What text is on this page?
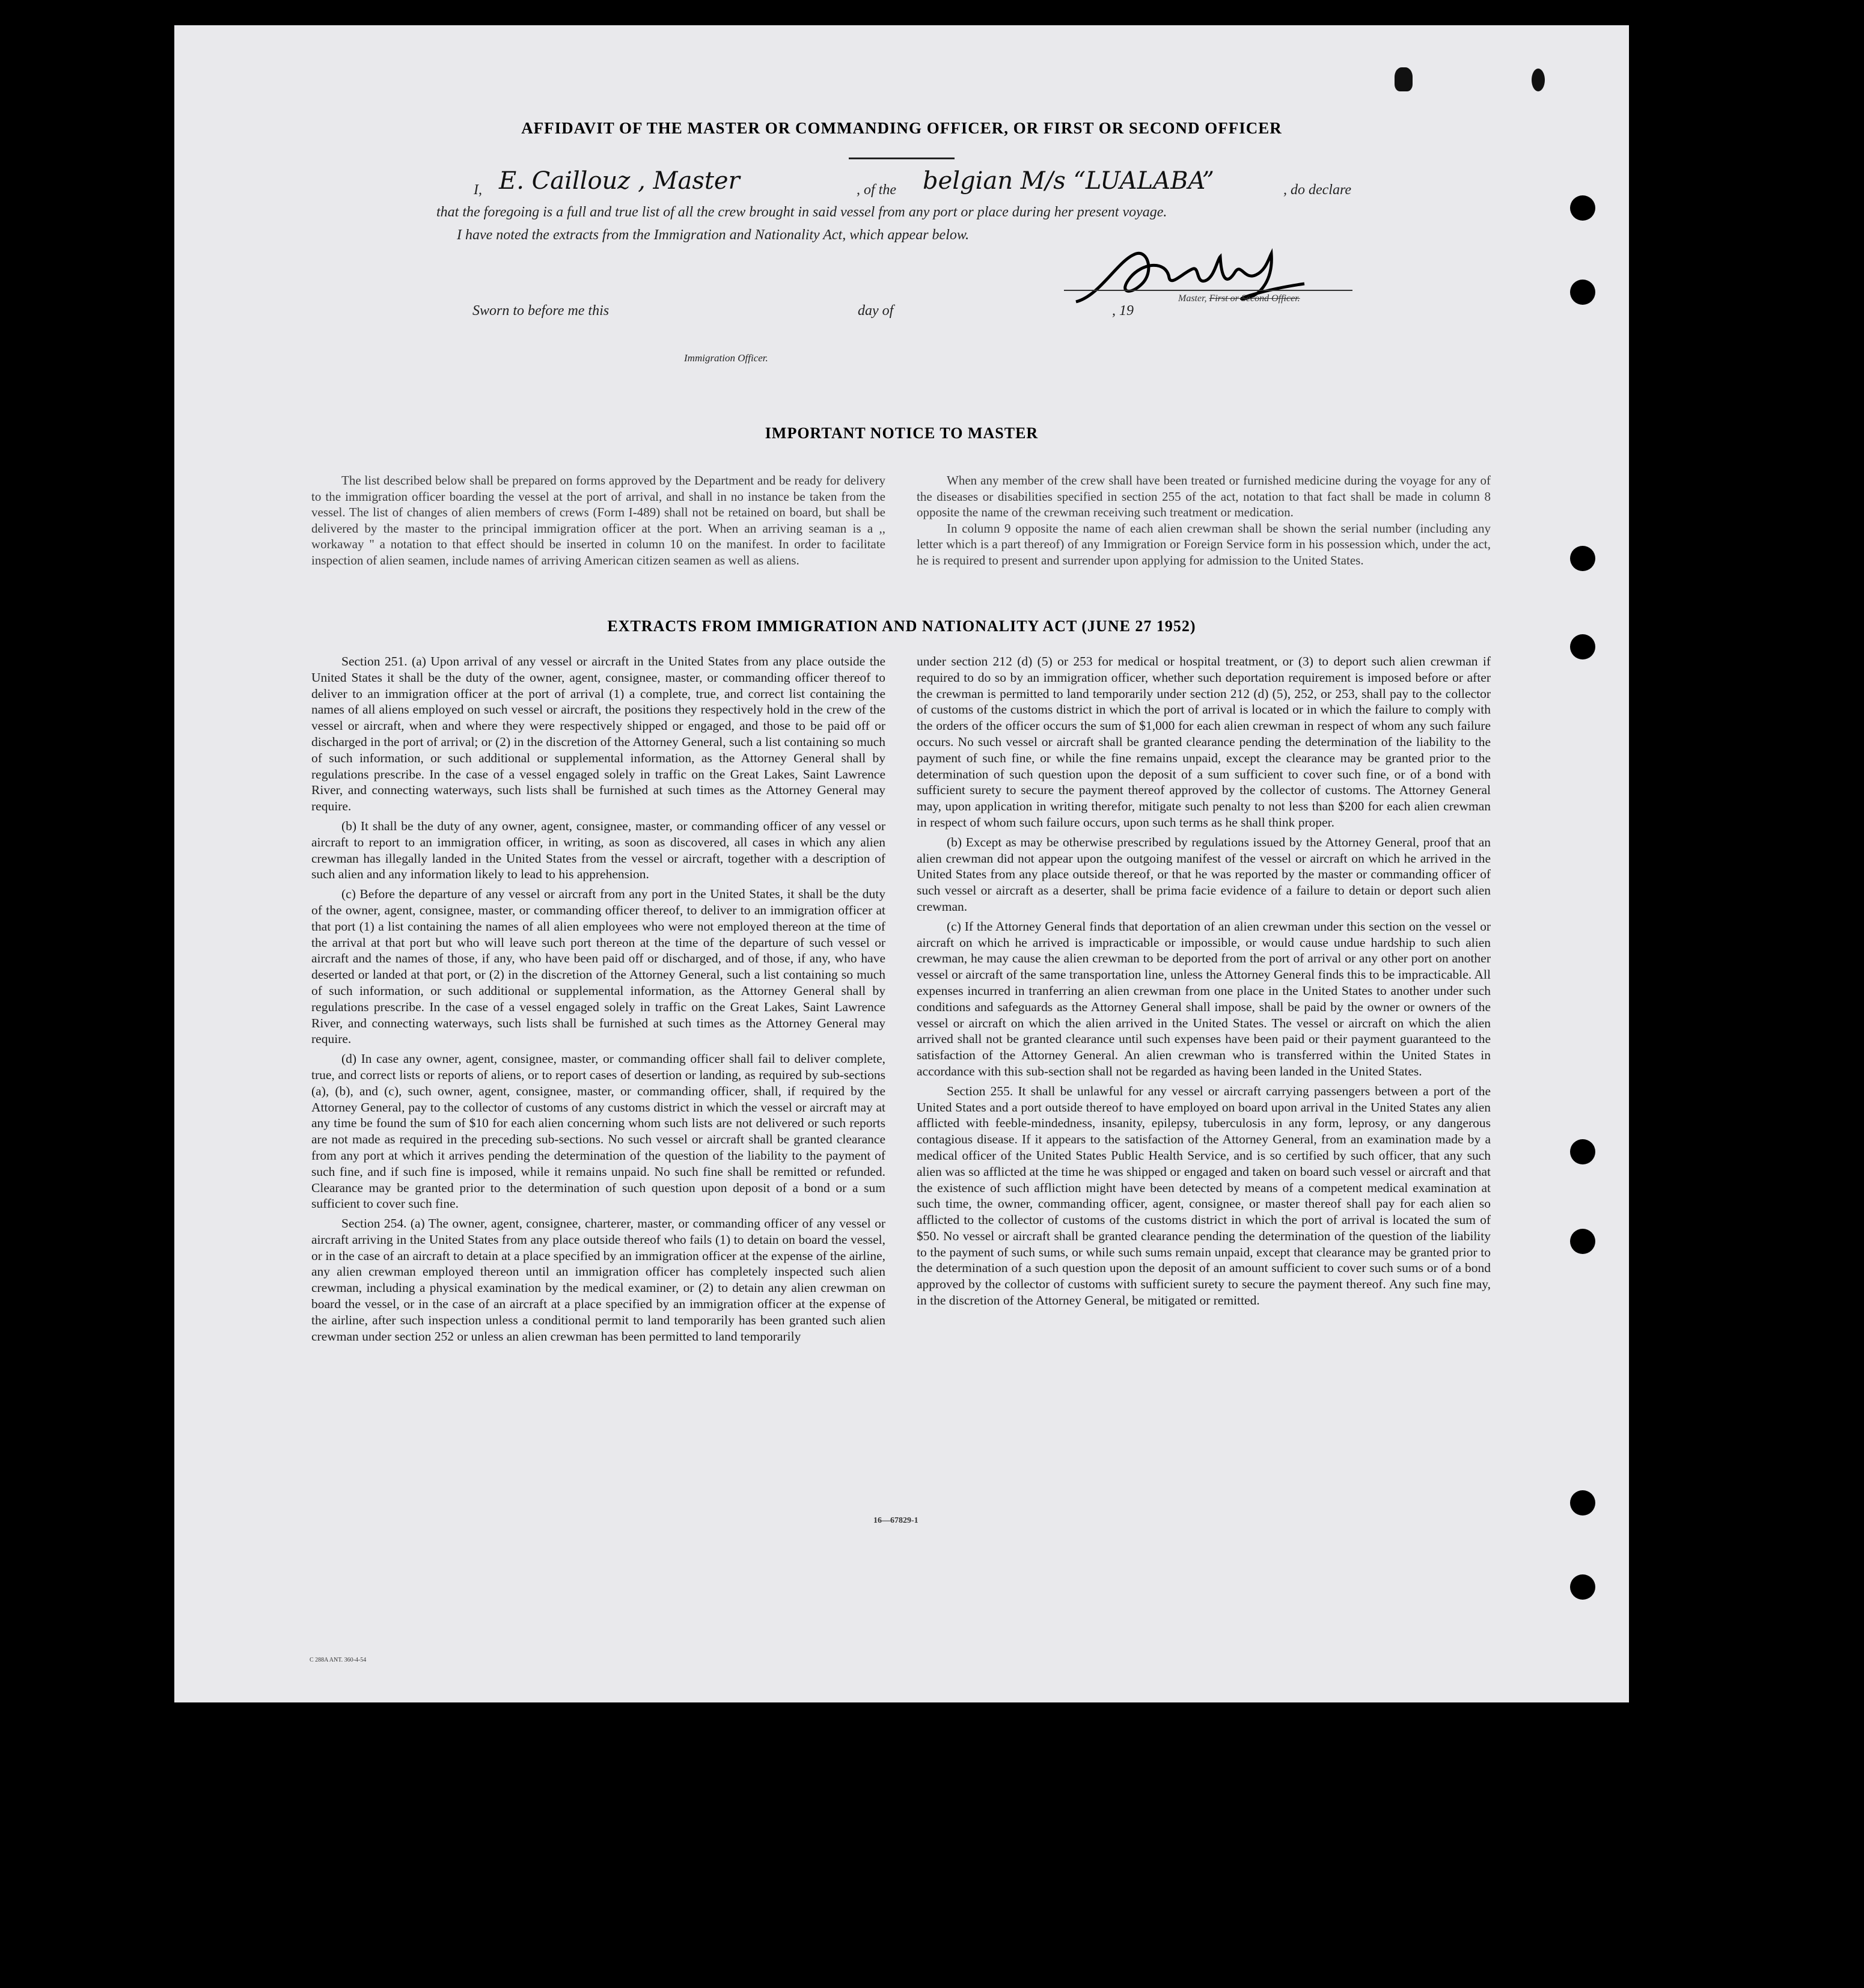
AFFIDAVIT OF THE MASTER OR COMMANDING OFFICER, OR FIRST OR SECOND OFFICER
I, E. Caillouz , Master	, of the belgian M/s “LUALABA”	, do declare
that the foregoing is a full and true list of all the crew brought in said vessel from any port or place during her present voyage.
I have noted the extracts from the Immigration and Nationality Act, which appear below.
Master, First or Second Officer.
Sworn to before me this	day of	, 19
Immigration Officer.
IMPORTANT NOTICE TO MASTER

The list described below shall be prepared on forms approved by the Department and be ready for delivery to the immigration officer boarding the vessel at the port of arrival, and shall in no instance be taken from the vessel. The list of changes of alien members of crews (Form I-489) shall not be retained on board, but shall be delivered by the master to the principal immigration officer at the port. When an arriving seaman is a ,, workaway " a notation to that effect should be inserted in column 10 on the manifest. In order to facilitate inspection of alien seamen, include names of arriving American citizen seamen as well as aliens.

When any member of the crew shall have been treated or furnished medicine during the voyage for any of the diseases or disabilities specified in section 255 of the act, notation to that fact shall be made in column 8 opposite the name of the crewman receiving such treatment or medication.

In column 9 opposite the name of each alien crewman shall be shown the serial number (including any letter which is a part thereof) of any Immigration or Foreign Service form in his possession which, under the act, he is required to present and surrender upon applying for admission to the United States.

EXTRACTS FROM IMMIGRATION AND NATIONALITY ACT (JUNE 27 1952)

Section 251. (a) Upon arrival of any vessel or aircraft in the United States from any place outside the United States it shall be the duty of the owner, agent, consignee, master, or commanding officer thereof to deliver to an immigration officer at the port of arrival (1) a complete, true, and correct list containing the names of all aliens employed on such vessel or aircraft, the positions they respectively hold in the crew of the vessel or aircraft, when and where they were respectively shipped or engaged, and those to be paid off or discharged in the port of arrival; or (2) in the discretion of the Attorney General, such a list containing so much of such information, or such additional or supplemental information, as the Attorney General shall by regulations prescribe. In the case of a vessel engaged solely in traffic on the Great Lakes, Saint Lawrence River, and connecting waterways, such lists shall be furnished at such times as the Attorney General may require.

(b) It shall be the duty of any owner, agent, consignee, master, or commanding officer of any vessel or aircraft to report to an immigration officer, in writing, as soon as discovered, all cases in which any alien crewman has illegally landed in the United States from the vessel or aircraft, together with a description of such alien and any information likely to lead to his apprehension.

(c) Before the departure of any vessel or aircraft from any port in the United States, it shall be the duty of the owner, agent, consignee, master, or commanding officer thereof, to deliver to an immigration officer at that port (1) a list containing the names of all alien employees who were not employed thereon at the time of the arrival at that port but who will leave such port thereon at the time of the departure of such vessel or aircraft and the names of those, if any, who have been paid off or discharged, and of those, if any, who have deserted or landed at that port, or (2) in the discretion of the Attorney General, such a list containing so much of such information, or such additional or supplemental information, as the Attorney General shall by regulations prescribe. In the case of a vessel engaged solely in traffic on the Great Lakes, Saint Lawrence River, and connecting waterways, such lists shall be furnished at such times as the Attorney General may require.

(d) In case any owner, agent, consignee, master, or commanding officer shall fail to deliver complete, true, and correct lists or reports of aliens, or to report cases of desertion or landing, as required by sub-sections (a), (b), and (c), such owner, agent, consignee, master, or commanding officer, shall, if required by the Attorney General, pay to the collector of customs of any customs district in which the vessel or aircraft may at any time be found the sum of $10 for each alien concerning whom such lists are not delivered or such reports are not made as required in the preceding sub-sections. No such vessel or aircraft shall be granted clearance from any port at which it arrives pending the determination of the question of the liability to the payment of such fine, and if such fine is imposed, while it remains unpaid. No such fine shall be remitted or refunded. Clearance may be granted prior to the determination of such question upon deposit of a bond or a sum sufficient to cover such fine.

Section 254. (a) The owner, agent, consignee, charterer, master, or commanding officer of any vessel or aircraft arriving in the United States from any place outside thereof who fails (1) to detain on board the vessel, or in the case of an aircraft to detain at a place specified by an immigration officer at the expense of the airline, any alien crewman employed thereon until an immigration officer has completely inspected such alien crewman, including a physical examination by the medical examiner, or (2) to detain any alien crewman on board the vessel, or in the case of an aircraft at a place specified by an immigration officer at the expense of the airline, after such inspection unless a conditional permit to land temporarily has been granted such alien crewman under section 252 or unless an alien crewman has been permitted to land temporarily

under section 212 (d) (5) or 253 for medical or hospital treatment, or (3) to deport such alien crewman if required to do so by an immigration officer, whether such deportation requirement is imposed before or after the crewman is permitted to land temporarily under section 212 (d) (5), 252, or 253, shall pay to the collector of customs of the customs district in which the port of arrival is located or in which the failure to comply with the orders of the officer occurs the sum of $1,000 for each alien crewman in respect of whom any such failure occurs. No such vessel or aircraft shall be granted clearance pending the determination of the liability to the payment of such fine, or while the fine remains unpaid, except the clearance may be granted prior to the determination of such question upon the deposit of a sum sufficient to cover such fine, or of a bond with sufficient surety to secure the payment thereof approved by the collector of customs. The Attorney General may, upon application in writing therefor, mitigate such penalty to not less than $200 for each alien crewman in respect of whom such failure occurs, upon such terms as he shall think proper.

(b) Except as may be otherwise prescribed by regulations issued by the Attorney General, proof that an alien crewman did not appear upon the outgoing manifest of the vessel or aircraft on which he arrived in the United States from any place outside thereof, or that he was reported by the master or commanding officer of such vessel or aircraft as a deserter, shall be prima facie evidence of a failure to detain or deport such alien crewman.

(c) If the Attorney General finds that deportation of an alien crewman under this section on the vessel or aircraft on which he arrived is impracticable or impossible, or would cause undue hardship to such alien crewman, he may cause the alien crewman to be deported from the port of arrival or any other port on another vessel or aircraft of the same transportation line, unless the Attorney General finds this to be impracticable. All expenses incurred in tranferring an alien crewman from one place in the United States to another under such conditions and safeguards as the Attorney General shall impose, shall be paid by the owner or owners of the vessel or aircraft on which the alien arrived in the United States. The vessel or aircraft on which the alien arrived shall not be granted clearance until such expenses have been paid or their payment guaranteed to the satisfaction of the Attorney General. An alien crewman who is transferred within the United States in accordance with this sub-section shall not be regarded as having been landed in the United States.

Section 255. It shall be unlawful for any vessel or aircraft carrying passengers between a port of the United States and a port outside thereof to have employed on board upon arrival in the United States any alien afflicted with feeble-mindedness, insanity, epilepsy, tuberculosis in any form, leprosy, or any dangerous contagious disease. If it appears to the satisfaction of the Attorney General, from an examination made by a medical officer of the United States Public Health Service, and is so certified by such officer, that any such alien was so afflicted at the time he was shipped or engaged and taken on board such vessel or aircraft and that the existence of such affliction might have been detected by means of a competent medical examination at such time, the owner, commanding officer, agent, consignee, or master thereof shall pay for each alien so afflicted to the collector of customs of the customs district in which the port of arrival is located the sum of $50. No vessel or aircraft shall be granted clearance pending the determination of the question of the liability to the payment of such sums, or while such sums remain unpaid, except that clearance may be granted prior to the determination of a such question upon the deposit of an amount sufficient to cover such sums or of a bond approved by the collector of customs with sufficient surety to secure the payment thereof. Any such fine may, in the discretion of the Attorney General, be mitigated or remitted.

16—67829-1
C 288A ANT. 360-4-54
